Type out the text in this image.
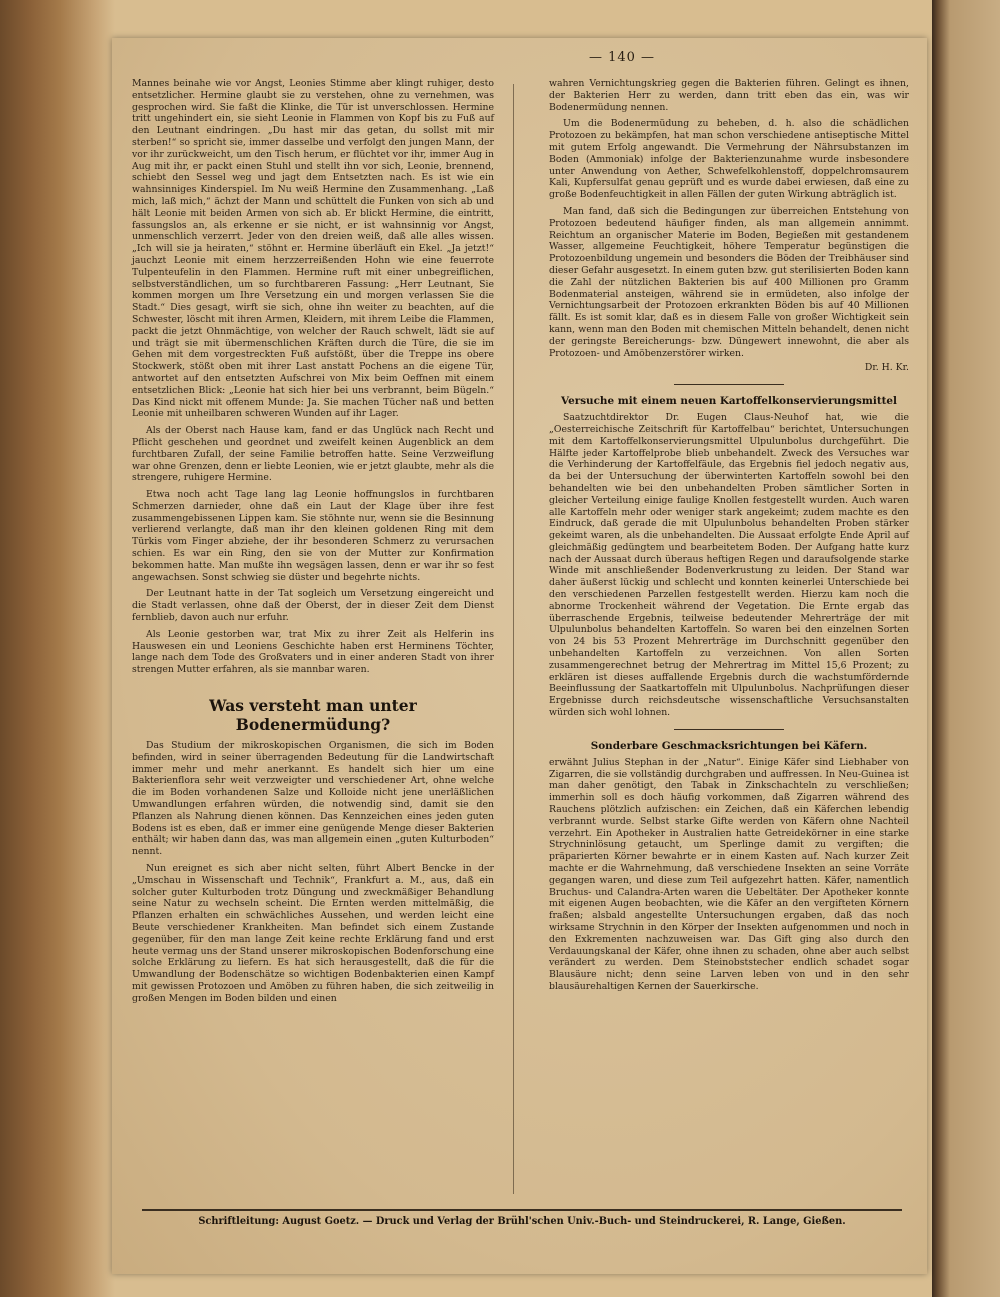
— 140 —

Mannes beinahe wie vor Angst, Leonies Stimme aber klingt ruhiger, desto entsetzlicher. Hermine glaubt sie zu verstehen, ohne zu vernehmen, was gesprochen wird. Sie faßt die Klinke, die Tür ist unverschlossen. Hermine tritt ungehindert ein, sie sieht Leonie in Flammen von Kopf bis zu Fuß auf den Leutnant eindringen. „Du hast mir das getan, du sollst mit mir sterben!“ so spricht sie, immer dasselbe und verfolgt den jungen Mann, der vor ihr zurückweicht, um den Tisch herum, er flüchtet vor ihr, immer Aug in Aug mit ihr, er packt einen Stuhl und stellt ihn vor sich, Leonie, brennend, schiebt den Sessel weg und jagt dem Entsetzten nach. Es ist wie ein wahnsinniges Kinderspiel. Im Nu weiß Hermine den Zusammenhang. „Laß mich, laß mich,“ ächzt der Mann und schüttelt die Funken von sich ab und hält Leonie mit beiden Armen von sich ab. Er blickt Hermine, die eintritt, fassungslos an, als erkenne er sie nicht, er ist wahnsinnig vor Angst, unmenschlich verzerrt. Jeder von den dreien weiß, daß alle alles wissen. „Ich will sie ja heiraten,“ stöhnt er. Hermine überläuft ein Ekel. „Ja jetzt!“ jauchzt Leonie mit einem herzzerreißenden Hohn wie eine feuerrote Tulpenteufelin in den Flammen. Hermine ruft mit einer unbegreiflichen, selbstverständlichen, um so furchtbareren Fassung: „Herr Leutnant, Sie kommen morgen um Ihre Versetzung ein und morgen verlassen Sie die Stadt.“ Dies gesagt, wirft sie sich, ohne ihn weiter zu beachten, auf die Schwester, löscht mit ihren Armen, Kleidern, mit ihrem Leibe die Flammen, packt die jetzt Ohnmächtige, von welcher der Rauch schwelt, lädt sie auf und trägt sie mit übermenschlichen Kräften durch die Türe, die sie im Gehen mit dem vorgestreckten Fuß aufstößt, über die Treppe ins obere Stockwerk, stößt oben mit ihrer Last anstatt Pochens an die eigene Tür, antwortet auf den entsetzten Aufschrei von Mix beim Oeffnen mit einem entsetzlichen Blick: „Leonie hat sich hier bei uns verbrannt, beim Bügeln.“ Das Kind nickt mit offenem Munde: Ja. Sie machen Tücher naß und betten Leonie mit unheilbaren schweren Wunden auf ihr Lager.

Als der Oberst nach Hause kam, fand er das Unglück nach Recht und Pflicht geschehen und geordnet und zweifelt keinen Augenblick an dem furchtbaren Zufall, der seine Familie betroffen hatte. Seine Verzweiflung war ohne Grenzen, denn er liebte Leonien, wie er jetzt glaubte, mehr als die strengere, ruhigere Hermine.

Etwa noch acht Tage lang lag Leonie hoffnungslos in furchtbaren Schmerzen darnieder, ohne daß ein Laut der Klage über ihre fest zusammengebissenen Lippen kam. Sie stöhnte nur, wenn sie die Besinnung verlierend verlangte, daß man ihr den kleinen goldenen Ring mit dem Türkis vom Finger abziehe, der ihr besonderen Schmerz zu verursachen schien. Es war ein Ring, den sie von der Mutter zur Konfirmation bekommen hatte. Man mußte ihn wegsägen lassen, denn er war ihr so fest angewachsen. Sonst schwieg sie düster und begehrte nichts.

Der Leutnant hatte in der Tat sogleich um Versetzung eingereicht und die Stadt verlassen, ohne daß der Oberst, der in dieser Zeit dem Dienst fernblieb, davon auch nur erfuhr.

Als Leonie gestorben war, trat Mix zu ihrer Zeit als Helferin ins Hauswesen ein und Leoniens Geschichte haben erst Herminens Töchter, lange nach dem Tode des Großvaters und in einer anderen Stadt von ihrer strengen Mutter erfahren, als sie mannbar waren.

Was versteht man unter Bodenermüdung?

Das Studium der mikroskopischen Organismen, die sich im Boden befinden, wird in seiner überragenden Bedeutung für die Landwirtschaft immer mehr und mehr anerkannt. Es handelt sich hier um eine Bakterienflora sehr weit verzweigter und verschiedener Art, ohne welche die im Boden vorhandenen Salze und Kolloide nicht jene unerläßlichen Umwandlungen erfahren würden, die notwendig sind, damit sie den Pflanzen als Nahrung dienen können. Das Kennzeichen eines jeden guten Bodens ist es eben, daß er immer eine genügende Menge dieser Bakterien enthält; wir haben dann das, was man allgemein einen „guten Kulturboden“ nennt.

Nun ereignet es sich aber nicht selten, führt Albert Bencke in der „Umschau in Wissenschaft und Technik“, Frankfurt a. M., aus, daß ein solcher guter Kulturboden trotz Düngung und zweckmäßiger Behandlung seine Natur zu wechseln scheint. Die Ernten werden mittelmäßig, die Pflanzen erhalten ein schwächliches Aussehen, und werden leicht eine Beute verschiedener Krankheiten. Man befindet sich einem Zustande gegenüber, für den man lange Zeit keine rechte Erklärung fand und erst heute vermag uns der Stand unserer mikroskopischen Bodenforschung eine solche Erklärung zu liefern. Es hat sich herausgestellt, daß die für die Umwandlung der Bodenschätze so wichtigen Bodenbakterien einen Kampf mit gewissen Protozoen und Amöben zu führen haben, die sich zeitweilig in großen Mengen im Boden bilden und einen

wahren Vernichtungskrieg gegen die Bakterien führen. Gelingt es ihnen, der Bakterien Herr zu werden, dann tritt eben das ein, was wir Bodenermüdung nennen.

Um die Bodenermüdung zu beheben, d. h. also die schädlichen Protozoen zu bekämpfen, hat man schon verschiedene antiseptische Mittel mit gutem Erfolg angewandt. Die Vermehrung der Nährsubstanzen im Boden (Ammoniak) infolge der Bakterienzunahme wurde insbesondere unter Anwendung von Aether, Schwefelkohlenstoff, doppelchromsaurem Kali, Kupfersulfat genau geprüft und es wurde dabei erwiesen, daß eine zu große Bodenfeuchtigkeit in allen Fällen der guten Wirkung abträglich ist.

Man fand, daß sich die Bedingungen zur überreichen Entstehung von Protozoen bedeutend häufiger finden, als man allgemein annimmt. Reichtum an organischer Materie im Boden, Begießen mit gestandenem Wasser, allgemeine Feuchtigkeit, höhere Temperatur begünstigen die Protozoenbildung ungemein und besonders die Böden der Treibhäuser sind dieser Gefahr ausgesetzt. In einem guten bzw. gut sterilisierten Boden kann die Zahl der nützlichen Bakterien bis auf 400 Millionen pro Gramm Bodenmaterial ansteigen, während sie in ermüdeten, also infolge der Vernichtungsarbeit der Protozoen erkrankten Böden bis auf 40 Millionen fällt. Es ist somit klar, daß es in diesem Falle von großer Wichtigkeit sein kann, wenn man den Boden mit chemischen Mitteln behandelt, denen nicht der geringste Bereicherungs- bzw. Düngewert innewohnt, die aber als Protozoen- und Amöbenzerstörer wirken.

Dr. H. Kr.
Versuche mit einem neuen Kartoffelkonservierungsmittel

Saatzuchtdirektor Dr. Eugen Claus-Neuhof hat, wie die „Oesterreichische Zeitschrift für Kartoffelbau“ berichtet, Untersuchungen mit dem Kartoffelkonservierungsmittel Ulpulunbolus durchgeführt. Die Hälfte jeder Kartoffelprobe blieb unbehandelt. Zweck des Versuches war die Verhinderung der Kartoffelfäule, das Ergebnis fiel jedoch negativ aus, da bei der Untersuchung der überwinterten Kartoffeln sowohl bei den behandelten wie bei den unbehandelten Proben sämtlicher Sorten in gleicher Verteilung einige faulige Knollen festgestellt wurden. Auch waren alle Kartoffeln mehr oder weniger stark angekeimt; zudem machte es den Eindruck, daß gerade die mit Ulpulunbolus behandelten Proben stärker gekeimt waren, als die unbehandelten. Die Aussaat erfolgte Ende April auf gleichmäßig gedüngtem und bearbeitetem Boden. Der Aufgang hatte kurz nach der Aussaat durch überaus heftigen Regen und daraufsolgende starke Winde mit anschließender Bodenverkrustung zu leiden. Der Stand war daher äußerst lückig und schlecht und konnten keinerlei Unterschiede bei den verschiedenen Parzellen festgestellt werden. Hierzu kam noch die abnorme Trockenheit während der Vegetation. Die Ernte ergab das überraschende Ergebnis, teilweise bedeutender Mehrerträge der mit Ulpulunbolus behandelten Kartoffeln. So waren bei den einzelnen Sorten von 24 bis 53 Prozent Mehrerträge im Durchschnitt gegenüber den unbehandelten Kartoffeln zu verzeichnen. Von allen Sorten zusammengerechnet betrug der Mehrertrag im Mittel 15,6 Prozent; zu erklären ist dieses auffallende Ergebnis durch die wachstumfördernde Beeinflussung der Saatkartoffeln mit Ulpulunbolus. Nachprüfungen dieser Ergebnisse durch reichsdeutsche wissenschaftliche Versuchsanstalten würden sich wohl lohnen.

Sonderbare Geschmacksrichtungen bei Käfern.

erwähnt Julius Stephan in der „Natur“. Einige Käfer sind Liebhaber von Zigarren, die sie vollständig durchgraben und auffressen. In Neu-Guinea ist man daher genötigt, den Tabak in Zinkschachteln zu verschließen; immerhin soll es doch häufig vorkommen, daß Zigarren während des Rauchens plötzlich aufzischen: ein Zeichen, daß ein Käferchen lebendig verbrannt wurde. Selbst starke Gifte werden von Käfern ohne Nachteil verzehrt. Ein Apotheker in Australien hatte Getreidekörner in eine starke Strychninlösung getaucht, um Sperlinge damit zu vergiften; die präparierten Körner bewahrte er in einem Kasten auf. Nach kurzer Zeit machte er die Wahrnehmung, daß verschiedene Insekten an seine Vorräte gegangen waren, und diese zum Teil aufgezehrt hatten. Käfer, namentlich Bruchus- und Calandra-Arten waren die Uebeltäter. Der Apotheker konnte mit eigenen Augen beobachten, wie die Käfer an den vergifteten Körnern fraßen; alsbald angestellte Untersuchungen ergaben, daß das noch wirksame Strychnin in den Körper der Insekten aufgenommen und noch in den Exkrementen nachzuweisen war. Das Gift ging also durch den Verdauungskanal der Käfer, ohne ihnen zu schaden, ohne aber auch selbst verändert zu werden. Dem Steinobststecher endlich schadet sogar Blausäure nicht; denn seine Larven leben von und in den sehr blausäurehaltigen Kernen der Sauerkirsche.

Schriftleitung: August Goetz. — Druck und Verlag der Brühl'schen Univ.-Buch- und Steindruckerei, R. Lange, Gießen.
